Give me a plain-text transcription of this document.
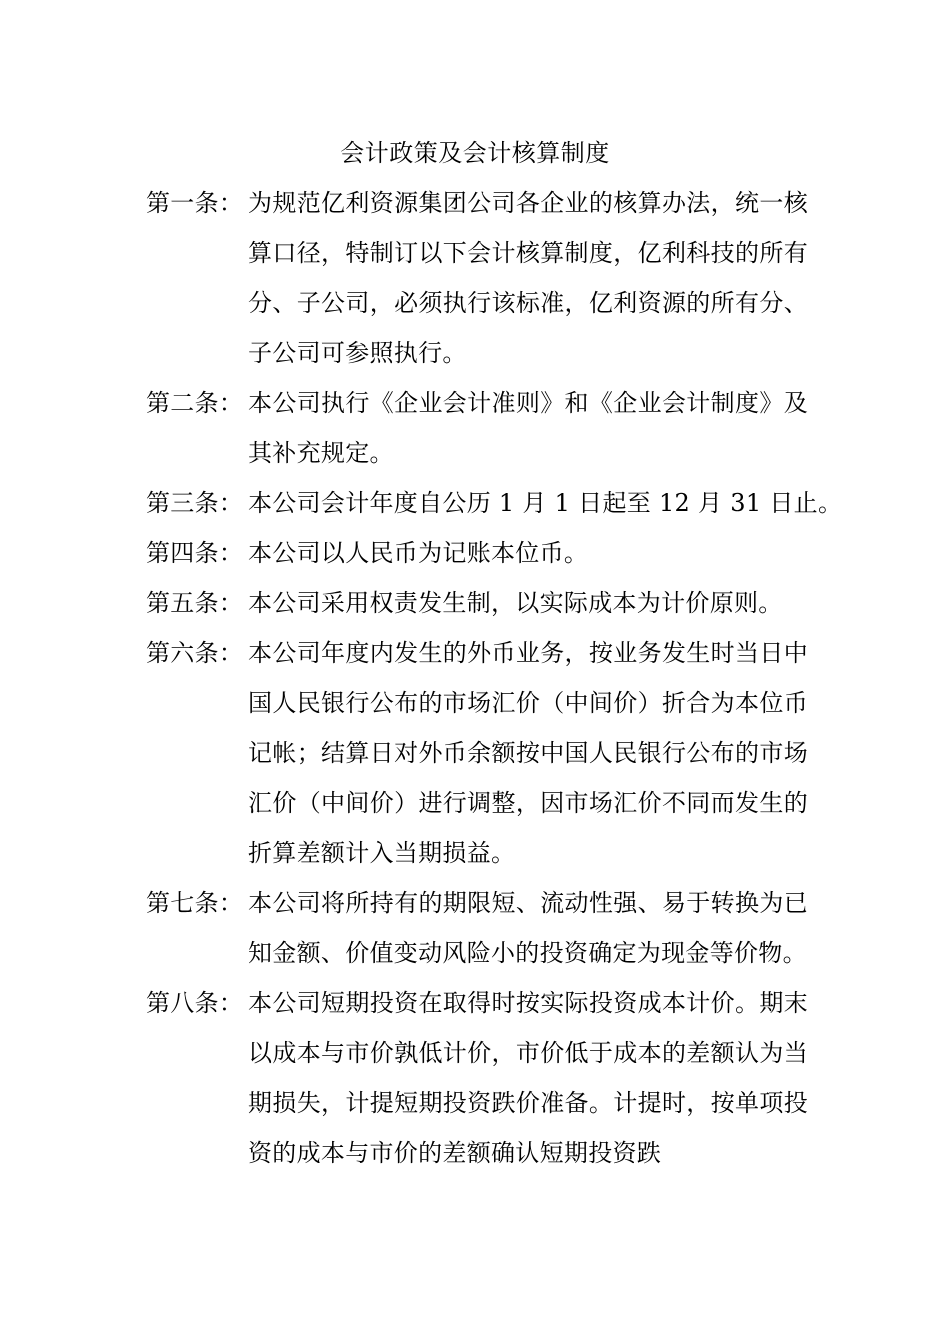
会计政策及会计核算制度
第一条： 为规范亿利资源集团公司各企业的核算办法，统一核算口径，特制订以下会计核算制度，亿利科技的所有分、子公司，必须执行该标准，亿利资源的所有分、子公司可参照执行。
第二条： 本公司执行《企业会计准则》和《企业会计制度》及其补充规定。
第三条： 本公司会计年度自公历 1 月 1 日起至 12 月 31 日止。
第四条： 本公司以人民币为记账本位币。
第五条： 本公司采用权责发生制，以实际成本为计价原则。
第六条： 本公司年度内发生的外币业务，按业务发生时当日中国人民银行公布的市场汇价（中间价）折合为本位币记帐；结算日对外币余额按中国人民银行公布的市场汇价（中间价）进行调整，因市场汇价不同而发生的折算差额计入当期损益。
第七条： 本公司将所持有的期限短、流动性强、易于转换为已知金额、价值变动风险小的投资确定为现金等价物。
第八条： 本公司短期投资在取得时按实际投资成本计价。期末以成本与市价孰低计价，市价低于成本的差额认为当期损失，计提短期投资跌价准备。计提时，按单项投资的成本与市价的差额确认短期投资跌
